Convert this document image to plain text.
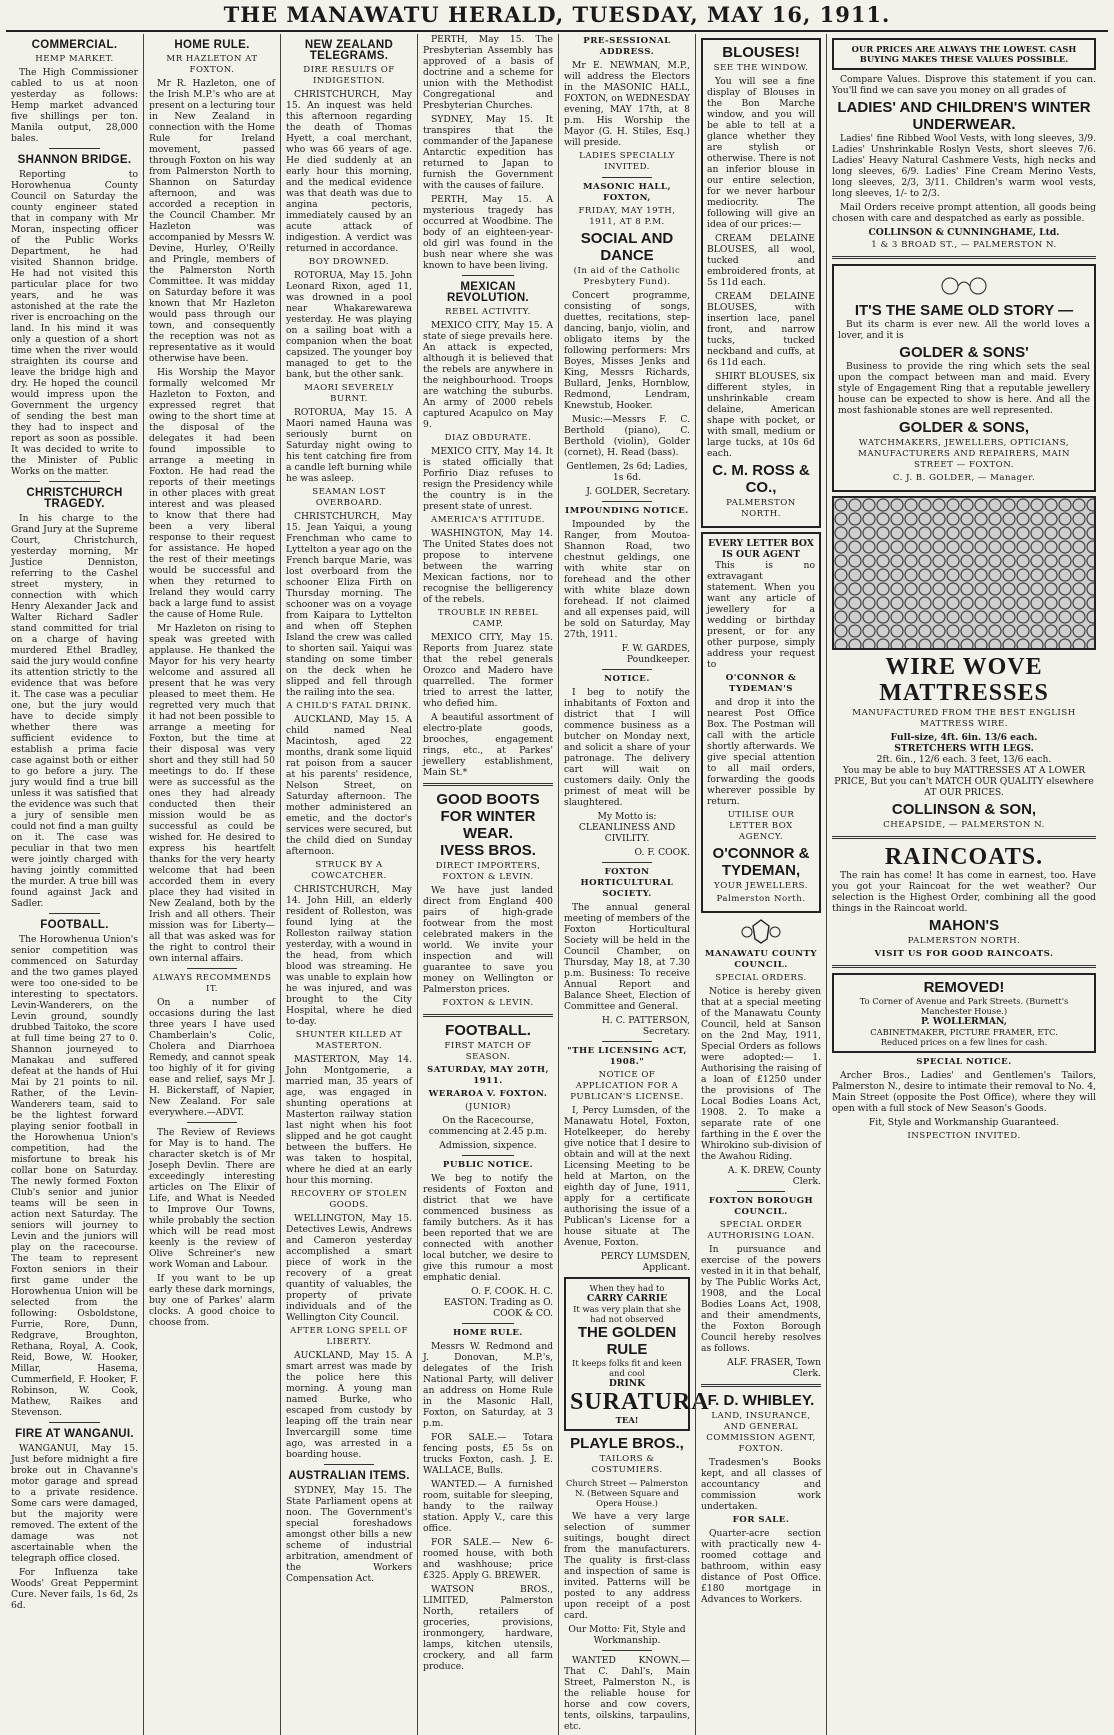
THE MANAWATU HERALD, TUESDAY, MAY 16, 1911.
COMMERCIAL.
HEMP MARKET.

The High Commissioner cabled to us at noon yesterday as follows: Hemp market advanced five shillings per ton. Manila output, 28,000 bales.

SHANNON BRIDGE.

Reporting to Horowhenua County Council on Saturday the county engineer stated that in company with Mr Moran, inspecting officer of the Public Works Department, he had visited Shannon bridge. He had not visited this particular place for two years, and he was astonished at the rate the river is encroaching on the land. In his mind it was only a question of a short time when the river would straighten its course and leave the bridge high and dry. He hoped the council would impress upon the Government the urgency of sending the best man they had to inspect and report as soon as possible. It was decided to write to the Minister of Public Works on the matter.

CHRISTCHURCH TRAGEDY.

In his charge to the Grand Jury at the Supreme Court, Christchurch, yesterday morning, Mr Justice Denniston, referring to the Cashel street mystery, in connection with which Henry Alexander Jack and Walter Richard Sadler stand committed for trial on a charge of having murdered Ethel Bradley, said the jury would confine its attention strictly to the evidence that was before it. The case was a peculiar one, but the jury would have to decide simply whether there was sufficient evidence to establish a prima facie case against both or either to go before a jury. The jury would find a true bill unless it was satisfied that the evidence was such that a jury of sensible men could not find a man guilty on it. The case was peculiar in that two men were jointly charged with having jointly committed the murder. A true bill was found against Jack and Sadler.

FOOTBALL.

The Horowhenua Union's senior competition was commenced on Saturday and the two games played were too one-sided to be interesting to spectators. Levin-Wanderers, on the Levin ground, soundly drubbed Taitoko, the score at full time being 27 to 0. Shannon journeyed to Manakau and suffered defeat at the hands of Hui Mai by 21 points to nil. Rather, of the Levin-Wanderers team, said to be the lightest forward playing senior football in the Horowhenua Union's competition, had the misfortune to break his collar bone on Saturday. The newly formed Foxton Club's senior and junior teams will be seen in action next Saturday. The seniors will journey to Levin and the juniors will play on the racecourse. The team to represent Foxton seniors in their first game under the Horowhenua Union will be selected from the following: Osboldstone, Furrie, Rore, Dunn, Redgrave, Broughton, Rethana, Royal, A. Cook, Reid, Bowe, W. Hooker, Millar, Hasema, Cummerfield, F. Hooker, F. Robinson, W. Cook, Mathew, Raikes and Stevenson.

FIRE AT WANGANUI.

WANGANUI, May 15. Just before midnight a fire broke out in Chavanne's motor garage and spread to a private residence. Some cars were damaged, but the majority were removed. The extent of the damage was not ascertainable when the telegraph office closed.

For Influenza take Woods' Great Peppermint Cure. Never fails, 1s 6d, 2s 6d.

HOME RULE.
MR HAZLETON AT FOXTON.

Mr R. Hazleton, one of the Irish M.P.'s who are at present on a lecturing tour in New Zealand in connection with the Home Rule for Ireland movement, passed through Foxton on his way from Palmerston North to Shannon on Saturday afternoon, and was accorded a reception in the Council Chamber. Mr Hazleton was accompanied by Messrs W. Devine, Hurley, O'Reilly and Pringle, members of the Palmerston North Committee. It was midday on Saturday before it was known that Mr Hazleton would pass through our town, and consequently the reception was not as representative as it would otherwise have been.

His Worship the Mayor formally welcomed Mr Hazleton to Foxton, and expressed regret that owing to the short time at the disposal of the delegates it had been found impossible to arrange a meeting in Foxton. He had read the reports of their meetings in other places with great interest and was pleased to know that there had been a very liberal response to their request for assistance. He hoped the rest of their meetings would be successful and when they returned to Ireland they would carry back a large fund to assist the cause of Home Rule.

Mr Hazleton on rising to speak was greeted with applause. He thanked the Mayor for his very hearty welcome and assured all present that he was very pleased to meet them. He regretted very much that it had not been possible to arrange a meeting for Foxton, but the time at their disposal was very short and they still had 50 meetings to do. If these were as successful as the ones they had already conducted then their mission would be as successful as could be wished for. He desired to express his heartfelt thanks for the very hearty welcome that had been accorded them in every place they had visited in New Zealand, both by the Irish and all others. Their mission was for Liberty—all that was asked was for the right to control their own internal affairs.

ALWAYS RECOMMENDS IT.

On a number of occasions during the last three years I have used Chamberlain's Colic, Cholera and Diarrhoea Remedy, and cannot speak too highly of it for giving ease and relief, says Mr J. H. Bickerstaff, of Napier, New Zealand. For sale everywhere.—ADVT.

The Review of Reviews for May is to hand. The character sketch is of Mr Joseph Devlin. There are exceedingly interesting articles on The Elixir of Life, and What is Needed to Improve Our Towns, while probably the section which will be read most keenly is the review of Olive Schreiner's new work Woman and Labour.

If you want to be up early these dark mornings, buy one of Parkes' alarm clocks. A good choice to choose from.

NEW ZEALAND TELEGRAMS.
DIRE RESULTS OF INDIGESTION.

CHRISTCHURCH, May 15. An inquest was held this afternoon regarding the death of Thomas Hyett, a coal merchant, who was 66 years of age. He died suddenly at an early hour this morning, and the medical evidence was that death was due to angina pectoris, immediately caused by an acute attack of indigestion. A verdict was returned in accordance.

BOY DROWNED.

ROTORUA, May 15. John Leonard Rixon, aged 11, was drowned in a pool near Whakarewarewa yesterday. He was playing on a sailing boat with a companion when the boat capsized. The younger boy managed to get to the bank, but the other sank.

MAORI SEVERELY BURNT.

ROTORUA, May 15. A Maori named Hauna was seriously burnt on Saturday night owing to his tent catching fire from a candle left burning while he was asleep.

SEAMAN LOST OVERBOARD.

CHRISTCHURCH, May 15. Jean Yaiqui, a young Frenchman who came to Lyttelton a year ago on the French barque Marie, was lost overboard from the schooner Eliza Firth on Thursday morning. The schooner was on a voyage from Kaipara to Lyttelton and when off Stephen Island the crew was called to shorten sail. Yaiqui was standing on some timber on the deck when he slipped and fell through the railing into the sea.

A CHILD'S FATAL DRINK.

AUCKLAND, May 15. A child named Neal Macintosh, aged 22 months, drank some liquid rat poison from a saucer at his parents' residence, Nelson Street, on Saturday afternoon. The mother administered an emetic, and the doctor's services were secured, but the child died on Sunday afternoon.

STRUCK BY A COWCATCHER.

CHRISTCHURCH, May 14. John Hill, an elderly resident of Rolleston, was found lying at the Rolleston railway station yesterday, with a wound in the head, from which blood was streaming. He was unable to explain how he was injured, and was brought to the City Hospital, where he died to-day.

SHUNTER KILLED AT MASTERTON.

MASTERTON, May 14. John Montgomerie, a married man, 35 years of age, was engaged in shunting operations at Masterton railway station last night when his foot slipped and he got caught between the buffers. He was taken to hospital, where he died at an early hour this morning.

RECOVERY OF STOLEN GOODS.

WELLINGTON, May 15. Detectives Lewis, Andrews and Cameron yesterday accomplished a smart piece of work in the recovery of a great quantity of valuables, the property of private individuals and of the Wellington City Council.

AFTER LONG SPELL OF LIBERTY.

AUCKLAND, May 15. A smart arrest was made by the police here this morning. A young man named Burke, who escaped from custody by leaping off the train near Invercargill some time ago, was arrested in a boarding house.

AUSTRALIAN ITEMS.

SYDNEY, May 15. The State Parliament opens at noon. The Government's special foreshadows amongst other bills a new scheme of industrial arbitration, amendment of the Workers Compensation Act.

PERTH, May 15. The Presbyterian Assembly has approved of a basis of doctrine and a scheme for union with the Methodist Congregational and Presbyterian Churches.

SYDNEY, May 15. It transpires that the commander of the Japanese Antarctic expedition has returned to Japan to furnish the Government with the causes of failure.

PERTH, May 15. A mysterious tragedy has occurred at Woodbine. The body of an eighteen-year-old girl was found in the bush near where she was known to have been living.

MEXICAN REVOLUTION.
REBEL ACTIVITY.

MEXICO CITY, May 15. A state of siege prevails here. An attack is expected, although it is believed that the rebels are anywhere in the neighbourhood. Troops are watching the suburbs. An army of 2000 rebels captured Acapulco on May 9.

DIAZ OBDURATE.

MEXICO CITY, May 14. It is stated officially that Porfirio Diaz refuses to resign the Presidency while the country is in the present state of unrest.

AMERICA'S ATTITUDE.

WASHINGTON, May 14. The United States does not propose to intervene between the warring Mexican factions, nor to recognise the belligerency of the rebels.

TROUBLE IN REBEL CAMP.

MEXICO CITY, May 15. Reports from Juarez state that the rebel generals Orozco and Madero have quarrelled. The former tried to arrest the latter, who defied him.

A beautiful assortment of electro-plate goods, brooches, engagement rings, etc., at Parkes' jewellery establishment, Main St.*

GOOD BOOTS FOR WINTER WEAR.
IVESS BROS.
DIRECT IMPORTERS, FOXTON & LEVIN.

We have just landed direct from England 400 pairs of high-grade footwear from the most celebrated makers in the world. We invite your inspection and will guarantee to save you money on Wellington or Palmerston prices.

FOXTON & LEVIN.
FOOTBALL.
FIRST MATCH OF SEASON.
SATURDAY, MAY 20TH, 1911.
WERAROA V. FOXTON.
(JUNIOR)

On the Racecourse, commencing at 2.45 p.m.

Admission, sixpence.

PUBLIC NOTICE.

We beg to notify the residents of Foxton and district that we have commenced business as family butchers. As it has been reported that we are connected with another local butcher, we desire to give this rumour a most emphatic denial.

O. F. COOK. H. C. EASTON. Trading as O. COOK & CO.

HOME RULE.

Messrs W. Redmond and J. Donovan, M.P.'s, delegates of the Irish National Party, will deliver an address on Home Rule in the Masonic Hall, Foxton, on Saturday, at 3 p.m.

FOR SALE.— Totara fencing posts, £5 5s on trucks Foxton, cash. J. E. WALLACE, Bulls.

WANTED.— A furnished room, suitable for sleeping, handy to the railway station. Apply V., care this office.

FOR SALE.— New 6-roomed house, with both and washhouse; price £325. Apply G. BREWER.

WATSON BROS., LIMITED, Palmerston North, retailers of groceries, provisions, ironmongery, hardware, lamps, kitchen utensils, crockery, and all farm produce.

PRE-SESSIONAL ADDRESS.

Mr E. NEWMAN, M.P., will address the Electors in the MASONIC HALL, FOXTON, on WEDNESDAY evening, MAY 17th, at 8 p.m. His Worship the Mayor (G. H. Stiles, Esq.) will preside.

LADIES SPECIALLY INVITED.
MASONIC HALL, FOXTON,
FRIDAY, MAY 19TH, 1911, AT 8 P.M.
SOCIAL AND DANCE
(In aid of the Catholic Presbytery Fund).

Concert programme, consisting of songs, duettes, recitations, step-dancing, banjo, violin, and obligato items by the following performers: Mrs Boyes, Misses Jenks and King, Messrs Richards, Bullard, Jenks, Hornblow, Redmond, Lendram, Knewstub, Hooker.

Music:—Messrs F. C. Berthold (piano), C. Berthold (violin), Golder (cornet), H. Read (bass).

Gentlemen, 2s 6d; Ladies, 1s 6d.

J. GOLDER, Secretary.

IMPOUNDING NOTICE.

Impounded by the Ranger, from Moutoa-Shannon Road, two chestnut geldings, one with white star on forehead and the other with white blaze down forehead. If not claimed and all expenses paid, will be sold on Saturday, May 27th, 1911.

F. W. GARDES, Poundkeeper.

NOTICE.

I beg to notify the inhabitants of Foxton and district that I will commence business as a butcher on Monday next, and solicit a share of your patronage. The delivery cart will wait on customers daily. Only the primest of meat will be slaughtered.

My Motto is: CLEANLINESS AND CIVILITY.

O. F. COOK.

FOXTON HORTICULTURAL SOCIETY.

The annual general meeting of members of the Foxton Horticultural Society will be held in the Council Chamber, on Thursday, May 18, at 7.30 p.m. Business: To receive Annual Report and Balance Sheet, Election of Committee and General.

H. C. PATTERSON, Secretary.

"THE LICENSING ACT, 1908."
NOTICE OF APPLICATION FOR A PUBLICAN'S LICENSE.

I, Percy Lumsden, of the Manawatu Hotel, Foxton, Hotelkeeper, do hereby give notice that I desire to obtain and will at the next Licensing Meeting to be held at Marton, on the eighth day of June, 1911, apply for a certificate authorising the issue of a Publican's License for a house situate at The Avenue, Foxton.

PERCY LUMSDEN, Applicant.

When they had to
CARRY CARRIE
It was very plain that she had not observed
THE GOLDEN RULE
It keeps folks fit and keen and cool
DRINK
SURATURA
TEA!
PLAYLE BROS.,
TAILORS & COSTUMIERS.

Church Street — Palmerston N. (Between Square and Opera House.)

We have a very large selection of summer suitings, bought direct from the manufacturers. The quality is first-class and inspection of same is invited. Patterns will be posted to any address upon receipt of a post card.

Our Motto: Fit, Style and Workmanship.

WANTED KNOWN.— That C. Dahl's, Main Street, Palmerston N., is the reliable house for horse and cow covers, tents, oilskins, tarpaulins, etc.

BLOUSES!
SEE THE WINDOW.

You will see a fine display of Blouses in the Bon Marche window, and you will be able to tell at a glance whether they are stylish or otherwise. There is not an inferior blouse in our entire selection, for we never harbour mediocrity. The following will give an idea of our prices:—

CREAM DELAINE BLOUSES, all wool, tucked and embroidered fronts, at 5s 11d each.

CREAM DELAINE BLOUSES, with insertion lace, panel front, and narrow tucks, tucked neckband and cuffs, at 6s 11d each.

SHIRT BLOUSES, six different styles, in unshrinkable cream delaine, American shape with pocket, or with small, medium or large tucks, at 10s 6d each.

C. M. ROSS & CO.,
PALMERSTON NORTH.
EVERY LETTER BOX IS OUR AGENT

This is no extravagant statement. When you want any article of jewellery for a wedding or birthday present, or for any other purpose, simply address your request to

O'CONNOR & TYDEMAN'S

and drop it into the nearest Post Office Box. The Postman will call with the article shortly afterwards. We give special attention to all mail orders, forwarding the goods wherever possible by return.

UTILISE OUR LETTER BOX AGENCY.
O'CONNOR & TYDEMAN,
YOUR JEWELLERS.
Palmerston North.
MANAWATU COUNTY COUNCIL.
SPECIAL ORDERS.

Notice is hereby given that at a special meeting of the Manawatu County Council, held at Sanson on the 2nd May, 1911, Special Orders as follows were adopted:— 1. Authorising the raising of a loan of £1250 under the provisions of The Local Bodies Loans Act, 1908. 2. To make a separate rate of one farthing in the £ over the Whirokino sub-division of the Awahou Riding.

A. K. DREW, County Clerk.

FOXTON BOROUGH COUNCIL.
SPECIAL ORDER AUTHORISING LOAN.

In pursuance and exercise of the powers vested in it in that behalf, by The Public Works Act, 1908, and the Local Bodies Loans Act, 1908, and their amendments, the Foxton Borough Council hereby resolves as follows.

ALF. FRASER, Town Clerk.

F. D. WHIBLEY.
LAND, INSURANCE, AND GENERAL COMMISSION AGENT, FOXTON.

Tradesmen's Books kept, and all classes of accountancy and commission work undertaken.

FOR SALE.

Quarter-acre section with practically new 4-roomed cottage and bathroom, within easy distance of Post Office. £180 mortgage in Advances to Workers.

OUR PRICES ARE ALWAYS THE LOWEST. CASH BUYING MAKES THESE VALUES POSSIBLE.

Compare Values. Disprove this statement if you can. You'll find we can save you money on all grades of

LADIES' AND CHILDREN'S WINTER UNDERWEAR.

Ladies' fine Ribbed Wool Vests, with long sleeves, 3/9. Ladies' Unshrinkable Roslyn Vests, short sleeves 7/6. Ladies' Heavy Natural Cashmere Vests, high necks and long sleeves, 6/9. Ladies' Fine Cream Merino Vests, long sleeves, 2/3, 3/11. Children's warm wool vests, long sleeves, 1/- to 2/3.

Mail Orders receive prompt attention, all goods being chosen with care and despatched as early as possible.

COLLINSON & CUNNINGHAME, Ltd.
1 & 3 BROAD ST., — PALMERSTON N.
IT'S THE SAME OLD STORY —

But its charm is ever new. All the world loves a lover, and it is

GOLDER & SONS'

Business to provide the ring which sets the seal upon the compact between man and maid. Every style of Engagement Ring that a reputable jewellery house can be expected to show is here. And all the most fashionable stones are well represented.

GOLDER & SONS,
WATCHMAKERS, JEWELLERS, OPTICIANS, MANUFACTURERS AND REPAIRERS, MAIN STREET — FOXTON.
C. J. B. GOLDER, — Manager.
WIRE WOVE MATTRESSES
MANUFACTURED FROM THE BEST ENGLISH MATTRESS WIRE.
Full-size, 4ft. 6in. 13/6 each.
STRETCHERS WITH LEGS.
2ft. 6in., 12/6 each. 3 feet, 13/6 each.

You may be able to buy MATTRESSES AT A LOWER PRICE, But you can't MATCH OUR QUALITY elsewhere AT OUR PRICES.

COLLINSON & SON,
CHEAPSIDE, — PALMERSTON N.
RAINCOATS.

The rain has come! It has come in earnest, too. Have you got your Raincoat for the wet weather? Our selection is the Highest Order, combining all the good things in the Raincoat world.

MAHON'S
PALMERSTON NORTH.
VISIT US FOR GOOD RAINCOATS.
REMOVED!
To Corner of Avenue and Park Streets. (Burnett's Manchester House.)
P. WOLLERMAN,
CABINETMAKER, PICTURE FRAMER, ETC.
Reduced prices on a few lines for cash.
SPECIAL NOTICE.

Archer Bros., Ladies' and Gentlemen's Tailors, Palmerston N., desire to intimate their removal to No. 4, Main Street (opposite the Post Office), where they will open with a full stock of New Season's Goods.

Fit, Style and Workmanship Guaranteed.

INSPECTION INVITED.
